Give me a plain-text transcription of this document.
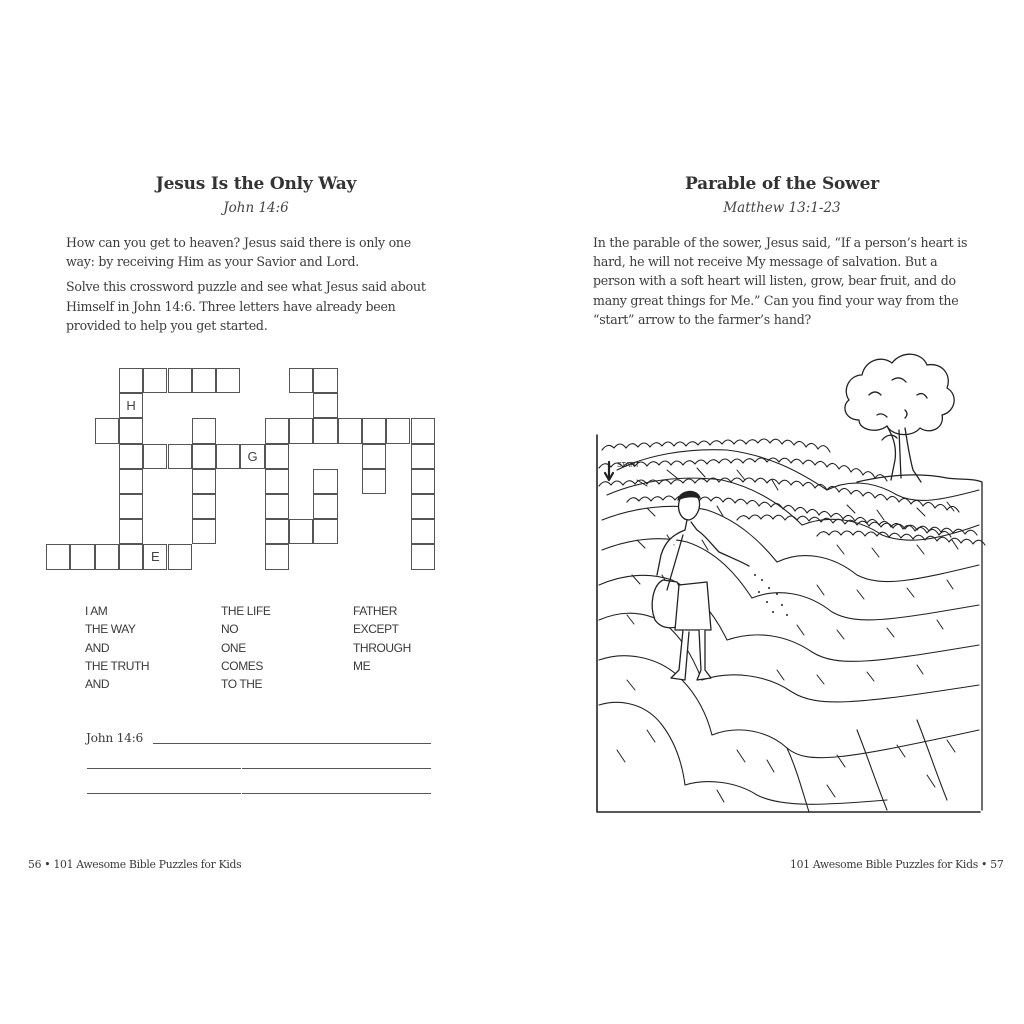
Jesus Is the Only Way
John 14:6

How can you get to heaven? Jesus said there is only one way: by receiving Him as your Savior and Lord.

Solve this crossword puzzle and see what Jesus said about Himself in John 14:6. Three letters have already been provided to help you get started.

H
G
E
I AM
THE WAY
AND
THE TRUTH
AND
THE LIFE
NO
ONE
COMES
TO THE
FATHER
EXCEPT
THROUGH
ME
John 14:6
56 • 101 Awesome Bible Puzzles for Kids
Parable of the Sower
Matthew 13:1-23

In the parable of the sower, Jesus said, “If a person’s heart is hard, he will not receive My message of salvation. But a person with a soft heart will listen, grow, bear fruit, and do many great things for Me.” Can you find your way from the “start” arrow to the farmer’s hand?

START
101 Awesome Bible Puzzles for Kids • 57
